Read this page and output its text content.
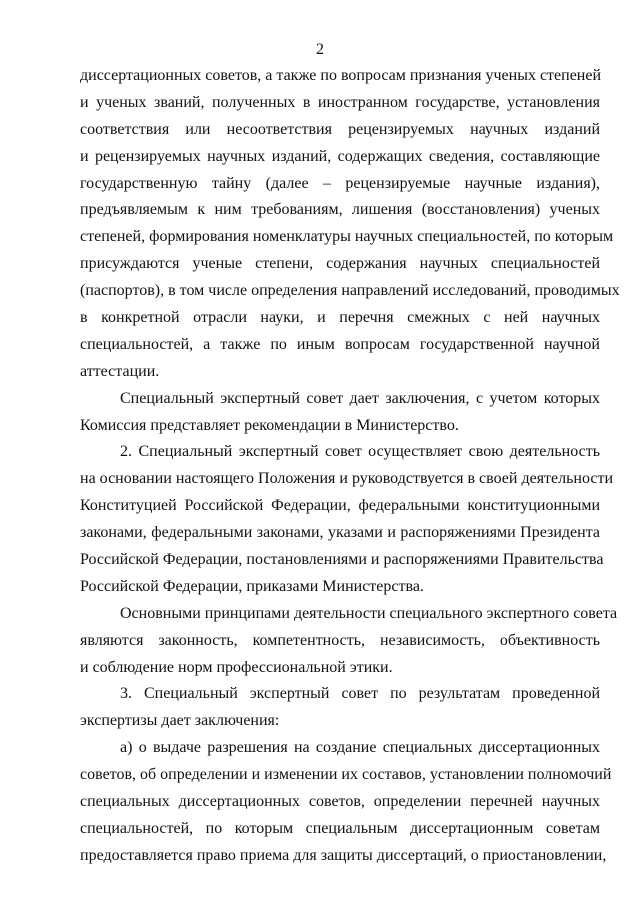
2
диссертационных советов, а также по вопросам признания ученых степеней
и ученых званий, полученных в иностранном государстве, установления
соответствия или несоответствия рецензируемых научных изданий
и рецензируемых научных изданий, содержащих сведения, составляющие
государственную тайну (далее – рецензируемые научные издания),
предъявляемым к ним требованиям, лишения (восстановления) ученых
степеней, формирования номенклатуры научных специальностей, по которым
присуждаются ученые степени, содержания научных специальностей
(паспортов), в том числе определения направлений исследований, проводимых
в конкретной отрасли науки, и перечня смежных с ней научных
специальностей, а также по иным вопросам государственной научной
аттестации.
Специальный экспертный совет дает заключения, с учетом которых
Комиссия представляет рекомендации в Министерство.
2. Специальный экспертный совет осуществляет свою деятельность
на основании настоящего Положения и руководствуется в своей деятельности
Конституцией Российской Федерации, федеральными конституционными
законами, федеральными законами, указами и распоряжениями Президента
Российской Федерации, постановлениями и распоряжениями Правительства
Российской Федерации, приказами Министерства.
Основными принципами деятельности специального экспертного совета
являются законность, компетентность, независимость, объективность
и соблюдение норм профессиональной этики.
3. Специальный экспертный совет по результатам проведенной
экспертизы дает заключения:
а) о выдаче разрешения на создание специальных диссертационных
советов, об определении и изменении их составов, установлении полномочий
специальных диссертационных советов, определении перечней научных
специальностей, по которым специальным диссертационным советам
предоставляется право приема для защиты диссертаций, о приостановлении,
